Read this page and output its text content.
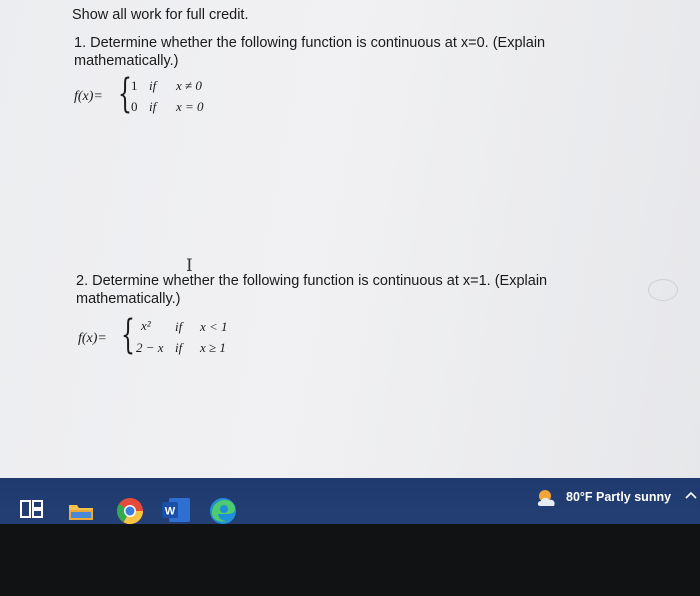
Show all work for full credit.
1. Determine whether the following function is continuous at x=0. (Explain
mathematically.)
f(x)= { 1 if x ≠ 0
0 if x = 0
I
2. Determine whether the following function is continuous at x=1. (Explain
mathematically.)
f(x)= { x² if x < 1
2 − x if x ≥ 1
W
80°F Partly sunny
